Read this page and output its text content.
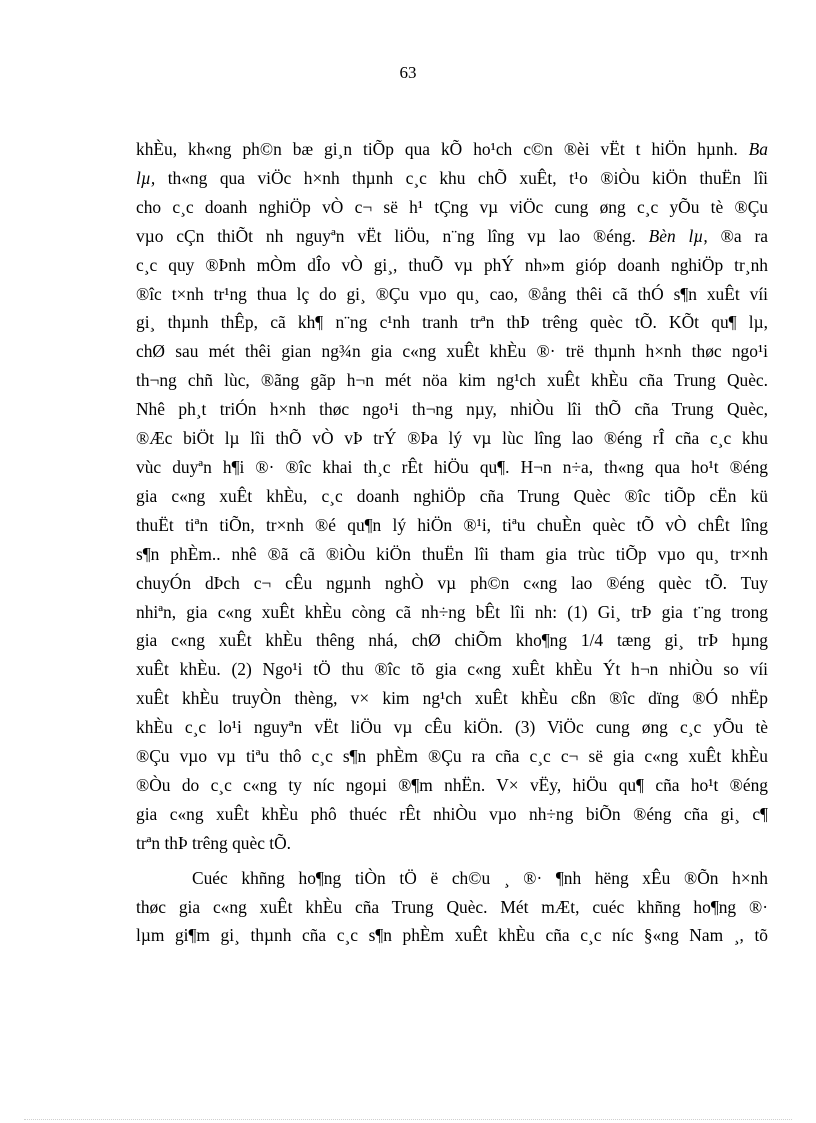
63
khÈu, kh«ng ph©n bæ gi¸n tiÕp qua kÕ ho¹ch c©n ®èi vËt t hiÖn hµnh. Ba
lµ, th«ng qua viÖc h×nh thµnh c¸c khu chÕ xuÊt, t¹o ®iÒu kiÖn thuËn lîi
cho c¸c doanh nghiÖp vÒ c¬ së h¹ tÇng vµ viÖc cung øng c¸c yÕu tè ®Çu
vµo cÇn thiÕt nh nguyªn vËt liÖu, n¨ng lîng vµ lao ®éng. Bèn lµ, ®a ra
c¸c quy ®Þnh mÒm dÎo vÒ gi¸, thuÕ vµ phÝ nh»m gióp doanh nghiÖp tr¸nh
®îc t×nh tr¹ng thua lç do gi¸ ®Çu vµo qu¸ cao, ®ång thêi cã thÓ s¶n xuÊt víi
gi¸ thµnh thÊp, cã kh¶ n¨ng c¹nh tranh trªn thÞ trêng quèc tÕ. KÕt qu¶ lµ,
chØ sau mét thêi gian ng¾n gia c«ng xuÊt khÈu ®· trë thµnh h×nh thøc ngo¹i
th¬ng chñ lùc, ®ãng gãp h¬n mét nöa kim ng¹ch xuÊt khÈu cña Trung Quèc.
Nhê ph¸t triÓn h×nh thøc ngo¹i th¬ng nµy, nhiÒu lîi thÕ cña Trung Quèc,
®Æc biÖt lµ lîi thÕ vÒ vÞ trÝ ®Þa lý vµ lùc lîng lao ®éng rÎ cña c¸c khu
vùc duyªn h¶i ®· ®îc khai th¸c rÊt hiÖu qu¶. H¬n n÷a, th«ng qua ho¹t ®éng
gia c«ng xuÊt khÈu, c¸c doanh nghiÖp cña Trung Quèc ®îc tiÕp cËn kü
thuËt tiªn tiÕn, tr×nh ®é qu¶n lý hiÖn ®¹i, tiªu chuÈn quèc tÕ vÒ chÊt lîng
s¶n phÈm.. nhê ®ã cã ®iÒu kiÖn thuËn lîi tham gia trùc tiÕp vµo qu¸ tr×nh
chuyÓn dÞch c¬ cÊu ngµnh nghÒ vµ ph©n c«ng lao ®éng quèc tÕ. Tuy
nhiªn, gia c«ng xuÊt khÈu còng cã nh÷ng bÊt lîi nh: (1) Gi¸ trÞ gia t¨ng trong
gia c«ng xuÊt khÈu thêng nhá, chØ chiÕm kho¶ng 1/4 tæng gi¸ trÞ hµng
xuÊt khÈu. (2) Ngo¹i tÖ thu ®îc tõ gia c«ng xuÊt khÈu Ýt h¬n nhiÒu so víi
xuÊt khÈu truyÒn thèng, v× kim ng¹ch xuÊt khÈu cßn ®îc dïng ®Ó nhËp
khÈu c¸c lo¹i nguyªn vËt liÖu vµ cÊu kiÖn. (3) ViÖc cung øng c¸c yÕu tè
®Çu vµo vµ tiªu thô c¸c s¶n phÈm ®Çu ra cña c¸c c¬ së gia c«ng xuÊt khÈu
®Òu do c¸c c«ng ty níc ngoµi ®¶m nhËn. V× vËy, hiÖu qu¶ cña ho¹t ®éng
gia c«ng xuÊt khÈu phô thuéc rÊt nhiÒu vµo nh÷ng biÕn ®éng cña gi¸ c¶
trªn thÞ trêng quèc tÕ.
Cuéc khñng ho¶ng tiÒn tÖ ë ch©u ¸ ®· ¶nh hëng xÊu ®Õn h×nh
thøc gia c«ng xuÊt khÈu cña Trung Quèc. Mét mÆt, cuéc khñng ho¶ng ®·
lµm gi¶m gi¸ thµnh cña c¸c s¶n phÈm xuÊt khÈu cña c¸c níc §«ng Nam ¸, tõ
